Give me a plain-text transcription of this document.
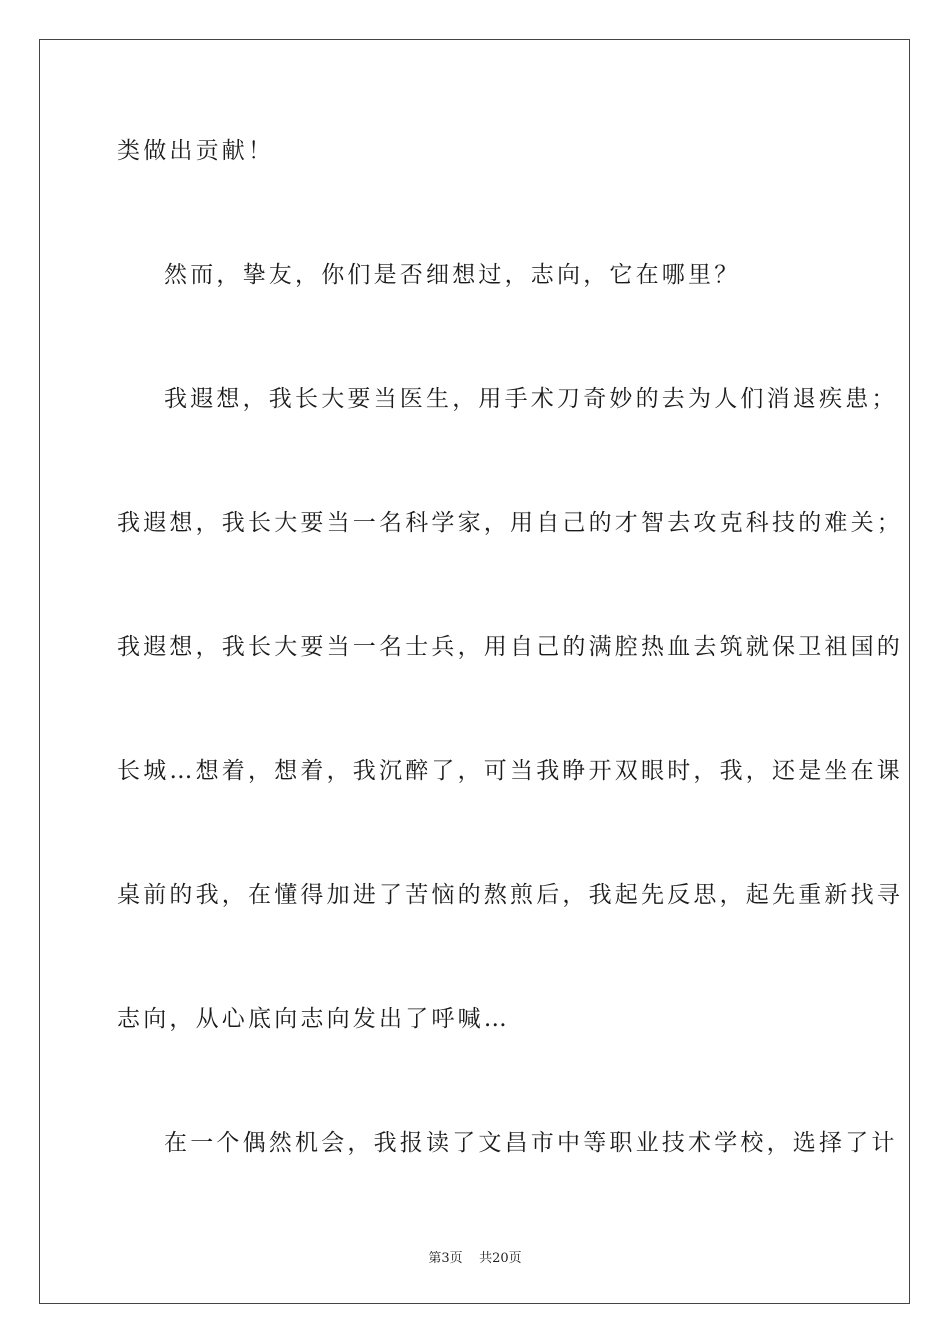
类做出贡献！
然而，挚友，你们是否细想过，志向，它在哪里？
我遐想，我长大要当医生，用手术刀奇妙的去为人们消退疾患；
我遐想，我长大要当一名科学家，用自己的才智去攻克科技的难关；
我遐想，我长大要当一名士兵，用自己的满腔热血去筑就保卫祖国的
长城…想着，想着，我沉醉了，可当我睁开双眼时，我，还是坐在课
桌前的我，在懂得加进了苦恼的熬煎后，我起先反思，起先重新找寻
志向，从心底向志向发出了呼喊…
在一个偶然机会，我报读了文昌市中等职业技术学校，选择了计
第3页 共20页
